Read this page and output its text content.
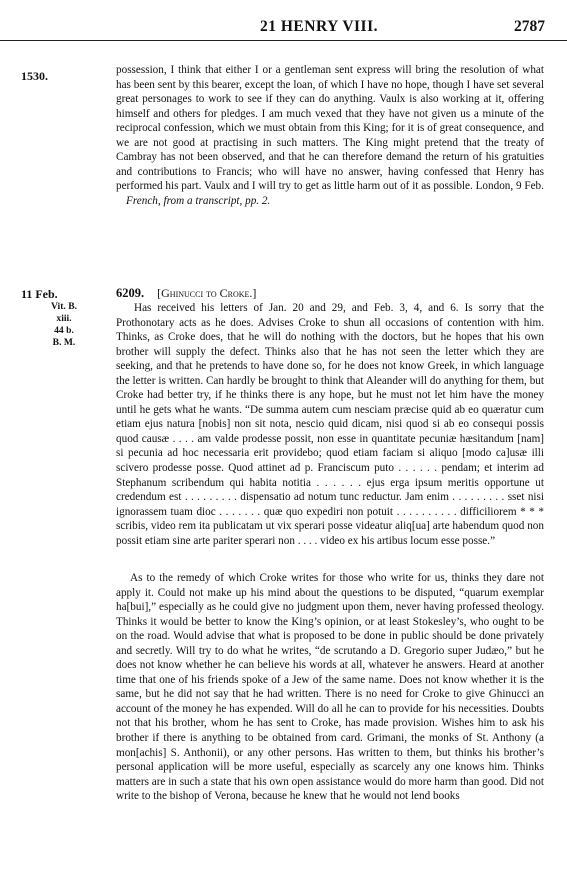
21 HENRY VIII.	2787
1530.	possession, I think that either I or a gentleman sent express will bring the resolution of what has been sent by this bearer, except the loan, of which I have no hope, though I have set several great personages to work to see if they can do anything. Vaulx is also working at it, offering himself and others for pledges. I am much vexed that they have not given us a minute of the reciprocal confession, which we must obtain from this King; for it is of great consequence, and we are not good at practising in such matters. The King might pretend that the treaty of Cambray has not been observed, and that he can therefore demand the return of his gratuities and contributions to Francis; who will have no answer, having confessed that Henry has performed his part. Vaulx and I will try to get as little harm out of it as possible. London, 9 Feb.
French, from a transcript, pp. 2.
11 Feb.
Vit. B. xiii.
44 b.
B. M.
6209. [Ghinucci to Croke.]
Has received his letters of Jan. 20 and 29, and Feb. 3, 4, and 6. Is sorry that the Prothonotary acts as he does. Advises Croke to shun all occasions of contention with him. Thinks, as Croke does, that he will do nothing with the doctors, but he hopes that his own brother will supply the defect. Thinks also that he has not seen the letter which they are seeking, and that he pretends to have done so, for he does not know Greek, in which language the letter is written. Can hardly be brought to think that Aleander will do anything for them, but Croke had better try, if he thinks there is any hope, but he must not let him have the money until he gets what he wants. “De summa autem cum nesciam præcise quid ab eo quæratur cum etiam ejus natura [nobis] non sit nota, nescio quid dicam, nisi quod si ab eo consequi possis quod causæ . . . . am valde prodesse possit, non esse in quantitate pecuniæ hæsitandum [nam] si pecunia ad hoc necessaria erit providebo; quod etiam faciam si aliquo [modo ca]usæ illi scivero prodesse posse. Quod attinet ad p. Franciscum puto . . . . . . pendam; et interim ad Stephanum scribendum qui habita notitia . . . . . . ejus erga ipsum meritis opportune ut credendum est . . . . . . . . . dispensatio ad notum tunc reductur. Jam enim . . . . . . . . . sset nisi ignorassem tuam dioc . . . . . . . quæ quo expediri non potuit . . . . . . . . . . difficiliorem * * * scribis, video rem ita publicatam ut vix sperari posse videatur aliq[ua] arte habendum quod non possit etiam sine arte pariter sperari non . . . . video ex his artibus locum esse posse.”
As to the remedy of which Croke writes for those who write for us, thinks they dare not apply it. Could not make up his mind about the questions to be disputed, “quarum exemplar ha[bui],” especially as he could give no judgment upon them, never having professed theology. Thinks it would be better to know the King’s opinion, or at least Stokesley’s, who ought to be on the road. Would advise that what is proposed to be done in public should be done privately and secretly. Will try to do what he writes, “de scrutando a D. Gregorio super Judæo,” but he does not know whether he can believe his words at all, whatever he answers. Heard at another time that one of his friends spoke of a Jew of the same name. Does not know whether it is the same, but he did not say that he had written. There is no need for Croke to give Ghinucci an account of the money he has expended. Will do all he can to provide for his necessities. Doubts not that his brother, whom he has sent to Croke, has made provision. Wishes him to ask his brother if there is anything to be obtained from card. Grimani, the monks of St. Anthony (a mon[achis] S. Anthonii), or any other persons. Has written to them, but thinks his brother’s personal application will be more useful, especially as scarcely any one knows him. Thinks matters are in such a state that his own open assistance would do more harm than good. Did not write to the bishop of Verona, because he knew that he would not lend books
